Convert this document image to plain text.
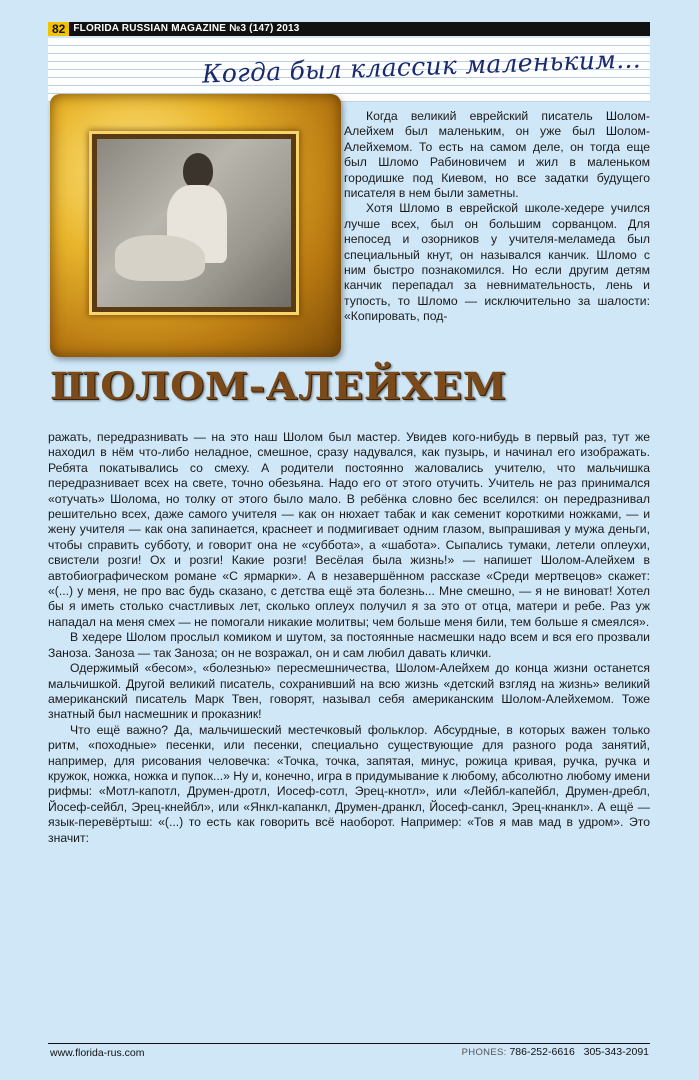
82 FLORIDA RUSSIAN MAGAZINE №3 (147) 2013
Когда был классик маленьким...
ШОЛОМ-АЛЕЙХЕМ

Когда великий еврейский писатель Шолом-Алейхем был маленьким, он уже был Шолом-Алейхемом. То есть на самом деле, он тогда еще был Шломо Рабиновичем и жил в маленьком городишке под Киевом, но все задатки будущего писателя в нем были заметны.

Хотя Шломо в еврейской школе-хедере учился лучше всех, был он большим сорванцом. Для непосед и озорников у учителя-меламеда был специальный кнут, он назывался канчик. Шломо с ним быстро познакомился. Но если другим детям канчик перепадал за невнимательность, лень и тупость, то Шломо — исключительно за шалости: «Копировать, под-

ражать, передразнивать — на это наш Шолом был мастер. Увидев кого-нибудь в первый раз, тут же находил в нём что-либо неладное, смешное, сразу надувался, как пузырь, и начинал его изображать. Ребята покатывались со смеху. А родители постоянно жаловались учителю, что мальчишка передразнивает всех на свете, точно обезьяна. Надо его от этого отучить. Учитель не раз принимался «отучать» Шолома, но толку от этого было мало. В ребёнка словно бес вселился: он передразнивал решительно всех, даже самого учителя — как он нюхает табак и как семенит короткими ножками, — и жену учителя — как она запинается, краснеет и подмигивает одним глазом, выпрашивая у мужа деньги, чтобы справить субботу, и говорит она не «суббота», а «шабота». Сыпались тумаки, летели оплеухи, свистели розги! Ох и розги! Какие розги! Весёлая была жизнь!» — напишет Шолом-Алейхем в автобиографическом романе «С ярмарки». А в незавершённом рассказе «Среди мертвецов» скажет: «(...) у меня, не про вас будь сказано, с детства ещё эта болезнь... Мне смешно, — я не виноват! Хотел бы я иметь столько счастливых лет, сколько оплеух получил я за это от отца, матери и ребе. Раз уж нападал на меня смех — не помогали никакие молитвы; чем больше меня били, тем больше я смеялся».

В хедере Шолом прослыл комиком и шутом, за постоянные насмешки надо всем и вся его прозвали Заноза. Заноза — так Заноза; он не возражал, он и сам любил давать клички.

Одержимый «бесом», «болезнью» пересмешничества, Шолом-Алейхем до конца жизни останется мальчишкой. Другой великий писатель, сохранивший на всю жизнь «детский взгляд на жизнь» великий американский писатель Марк Твен, говорят, называл себя американским Шолом-Алейхемом. Тоже знатный был насмешник и проказник!

Что ещё важно? Да, мальчишеский местечковый фольклор. Абсурдные, в которых важен только ритм, «походные» песенки, или песенки, специально существующие для разного рода занятий, например, для рисования человечка: «Точка, точка, запятая, минус, рожица кривая, ручка, ручка и кружок, ножка, ножка и пупок...» Ну и, конечно, игра в придумывание к любому, абсолютно любому имени рифмы: «Мотл-капотл, Друмен-дротл, Иосеф-сотл, Эрец-кнотл», или «Лейбл-капейбл, Друмен-дребл, Йосеф-сейбл, Эрец-кнейбл», или «Янкл-капанкл, Друмен-дранкл, Йосеф-санкл, Эрец-кнанкл». А ещё — язык-перевёртыш: «(...) то есть как говорить всё наоборот. Например: «Тов я мав мад в удром». Это значит:

www.florida-rus.com	PHONES: 786-252-6616 305-343-2091
